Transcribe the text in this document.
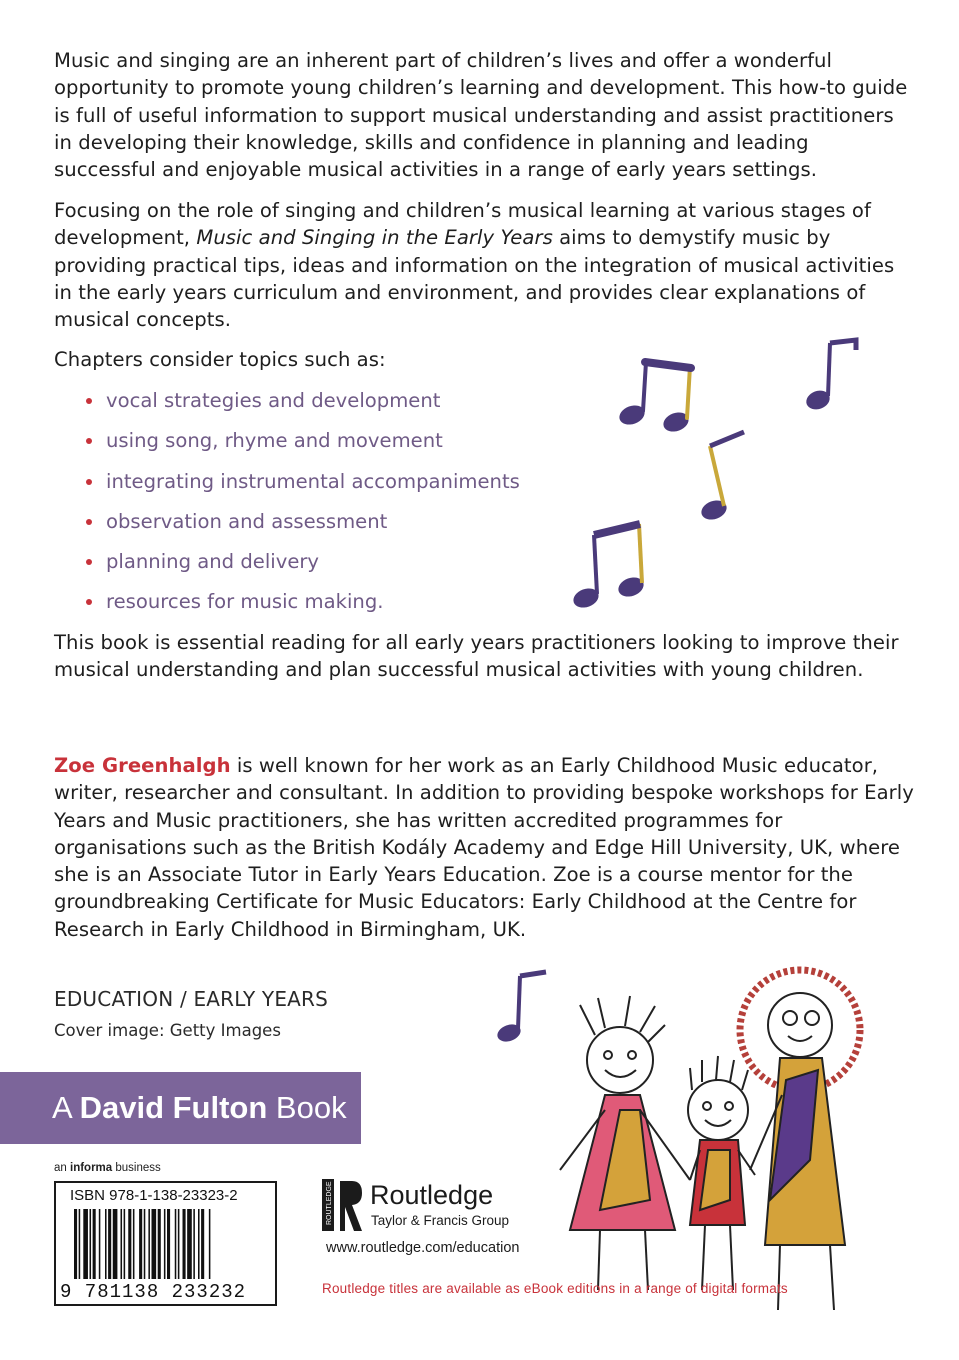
Music and singing are an inherent part of children’s lives and offer a wonderful opportunity to promote young children’s learning and development. This how-to guide is full of useful information to support musical understanding and assist practitioners in developing their knowledge, skills and confidence in planning and leading successful and enjoyable musical activities in a range of early years settings.

Focusing on the role of singing and children’s musical learning at various stages of development, Music and Singing in the Early Years aims to demystify music by providing practical tips, ideas and information on the integration of musical activities in the early years curriculum and environment, and provides clear explanations of musical concepts.

Chapters consider topics such as:

vocal strategies and development
using song, rhyme and movement
integrating instrumental accompaniments
observation and assessment
planning and delivery
resources for music making.

This book is essential reading for all early years practitioners looking to improve their musical understanding and plan successful musical activities with young children.

Zoe Greenhalgh is well known for her work as an Early Childhood Music educator, writer, researcher and consultant. In addition to providing bespoke workshops for Early Years and Music practitioners, she has written accredited programmes for organisations such as the British Kodály Academy and Edge Hill University, UK, where she is an Associate Tutor in Early Years Education. Zoe is a course mentor for the groundbreaking Certificate for Music Educators: Early Childhood at the Centre for Research in Early Childhood in Birmingham, UK.

EDUCATION / EARLY YEARS
Cover image: Getty Images
A David Fulton Book
an informa business
ISBN 978-1-138-23323-2
9 781138 233232
ROUTLEDGE Routledge
Taylor & Francis Group
www.routledge.com/education
Routledge titles are available as eBook editions in a range of digital formats
